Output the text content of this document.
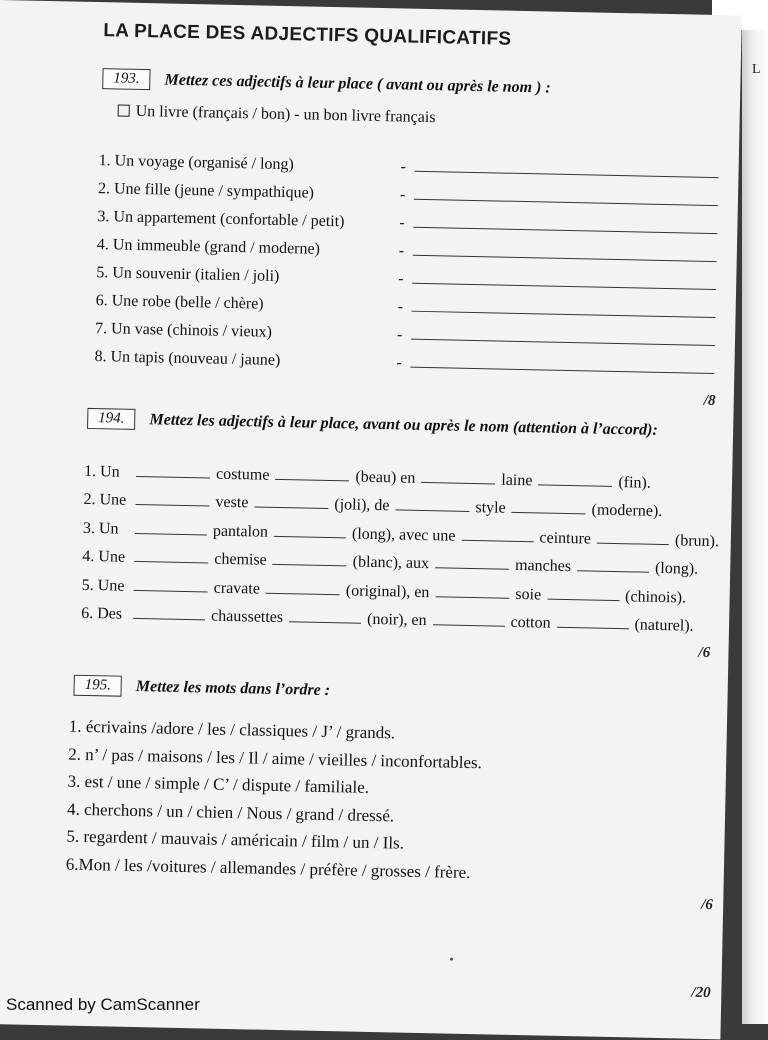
L
LA PLACE DES ADJECTIFS QUALIFICATIFS
193.	Mettez ces adjectifs à leur place ( avant ou après le nom ) :
Un livre (français / bon) - un bon livre français
1. Un voyage (organisé / long)	-
2. Une fille (jeune / sympathique)	-
3. Un appartement (confortable / petit)	-
4. Un immeuble (grand / moderne)	-
5. Un souvenir (italien / joli)	-
6. Une robe (belle / chère)	-
7. Un vase (chinois / vieux)	-
8. Un tapis (nouveau / jaune)	-
/8
194.	Mettez les adjectifs à leur place, avant ou après le nom (attention à l’accord):
1. Un	costume	(beau) en	laine	(fin).
2. Une	veste	(joli), de	style	(moderne).
3. Un	pantalon	(long), avec une	ceinture	(brun).
4. Une	chemise	(blanc), aux	manches	(long).
5. Une	cravate	(original), en	soie	(chinois).
6. Des	chaussettes	(noir), en	cotton	(naturel).
/6
195.	Mettez les mots dans l’ordre :
1. écrivains /adore / les / classiques / J’ / grands.
2. n’ / pas / maisons / les / Il / aime / vieilles / inconfortables.
3. est / une / simple / C’ / dispute / familiale.
4. cherchons / un / chien / Nous / grand / dressé.
5. regardent / mauvais / américain / film / un / Ils.
6.Mon / les /voitures / allemandes / préfère / grosses / frère.
/6
/20
Scanned by CamScanner
